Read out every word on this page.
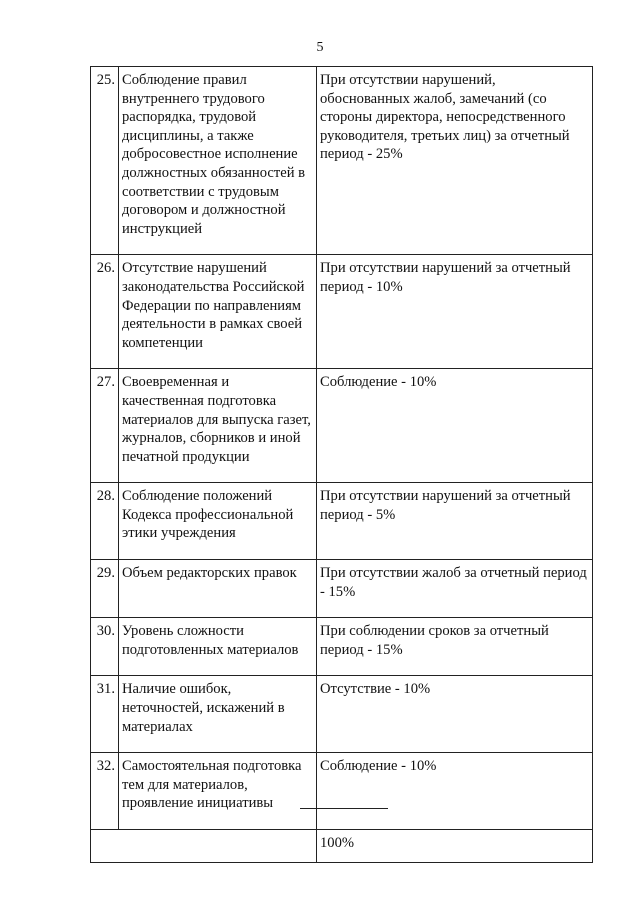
5
25.	Соблюдение правил внутреннего трудового распорядка, трудовой дисциплины, а также добросовестное исполнение должностных обязанностей в соответствии с трудовым договором и должностной инструкцией	При отсутствии нарушений, обоснованных жалоб, замечаний (со стороны директора, непосредственного руководителя, третьих лиц) за отчетный период - 25%
26.	Отсутствие нарушений законодательства Российской Федерации по направлениям деятельности в рамках своей компетенции	При отсутствии нарушений за отчетный период - 10%
27.	Своевременная и качественная подготовка материалов для выпуска газет, журналов, сборников и иной печатной продукции	Соблюдение - 10%
28.	Соблюдение положений Кодекса профессиональной этики учреждения	При отсутствии нарушений за отчетный период - 5%
29.	Объем редакторских правок	При отсутствии жалоб за отчетный период - 15%
30.	Уровень сложности подготовленных материалов	При соблюдении сроков за отчетный период - 15%
31.	Наличие ошибок, неточностей, искажений в материалах	Отсутствие - 10%
32.	Самостоятельная подготовка тем для материалов, проявление инициативы	Соблюдение - 10%
		100%
